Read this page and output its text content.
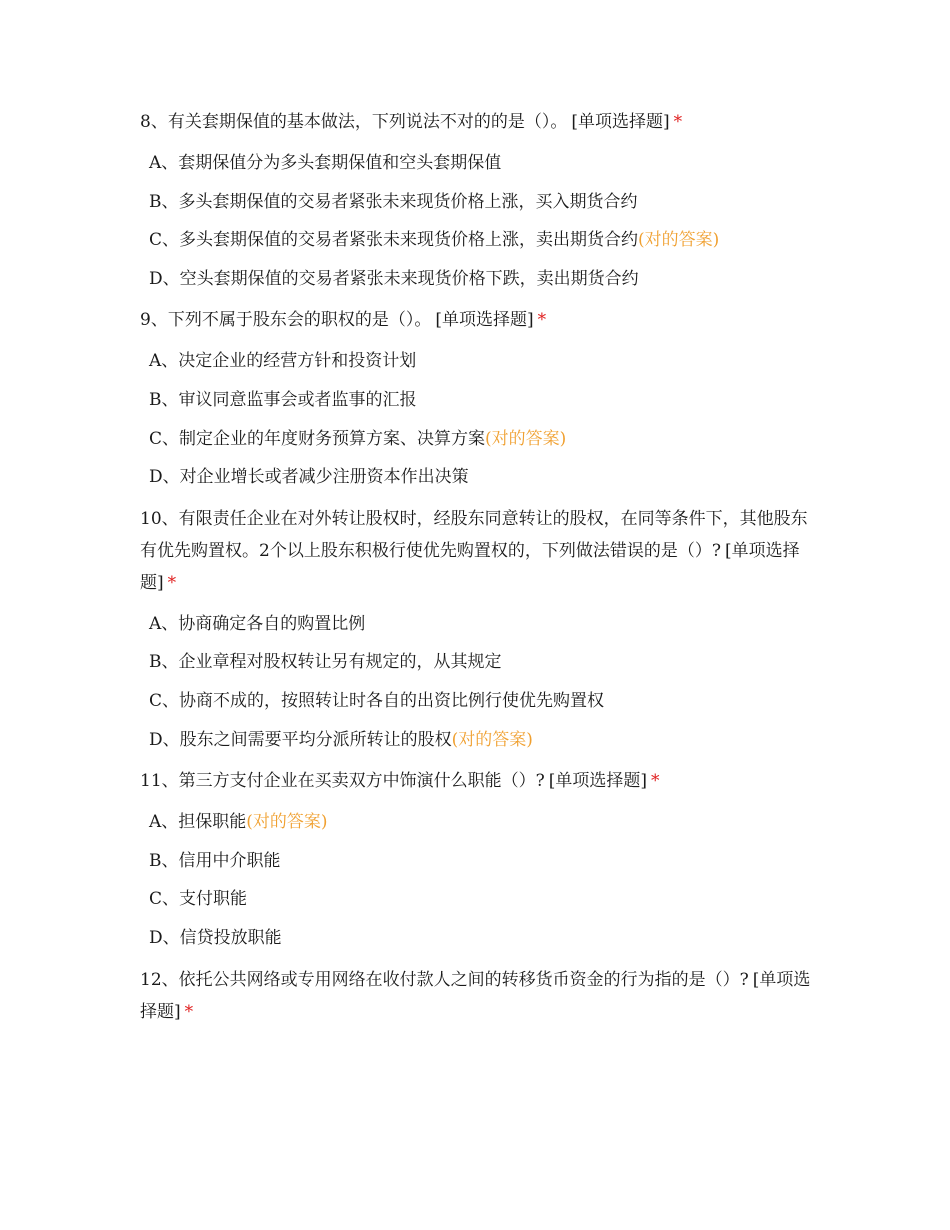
8、有关套期保值的基本做法，下列说法不对的的是（）。 [单项选择题] *

A、套期保值分为多头套期保值和空头套期保值
B、多头套期保值的交易者紧张未来现货价格上涨，买入期货合约
C、多头套期保值的交易者紧张未来现货价格上涨，卖出期货合约(对的答案)
D、空头套期保值的交易者紧张未来现货价格下跌，卖出期货合约

9、下列不属于股东会的职权的是（）。 [单项选择题] *

A、决定企业的经营方针和投资计划
B、审议同意监事会或者监事的汇报
C、制定企业的年度财务预算方案、决算方案(对的答案)
D、对企业增长或者减少注册资本作出决策

10、有限责任企业在对外转让股权时，经股东同意转让的股权，在同等条件下，其他股东有优先购置权。2个以上股东积极行使优先购置权的，下列做法错误的是（）? [单项选择题] *

A、协商确定各自的购置比例
B、企业章程对股权转让另有规定的，从其规定
C、协商不成的，按照转让时各自的出资比例行使优先购置权
D、股东之间需要平均分派所转让的股权(对的答案)

11、第三方支付企业在买卖双方中饰演什么职能（）? [单项选择题] *

A、担保职能(对的答案)
B、信用中介职能
C、支付职能
D、信贷投放职能

12、依托公共网络或专用网络在收付款人之间的转移货币资金的行为指的是（）? [单项选择题] *
